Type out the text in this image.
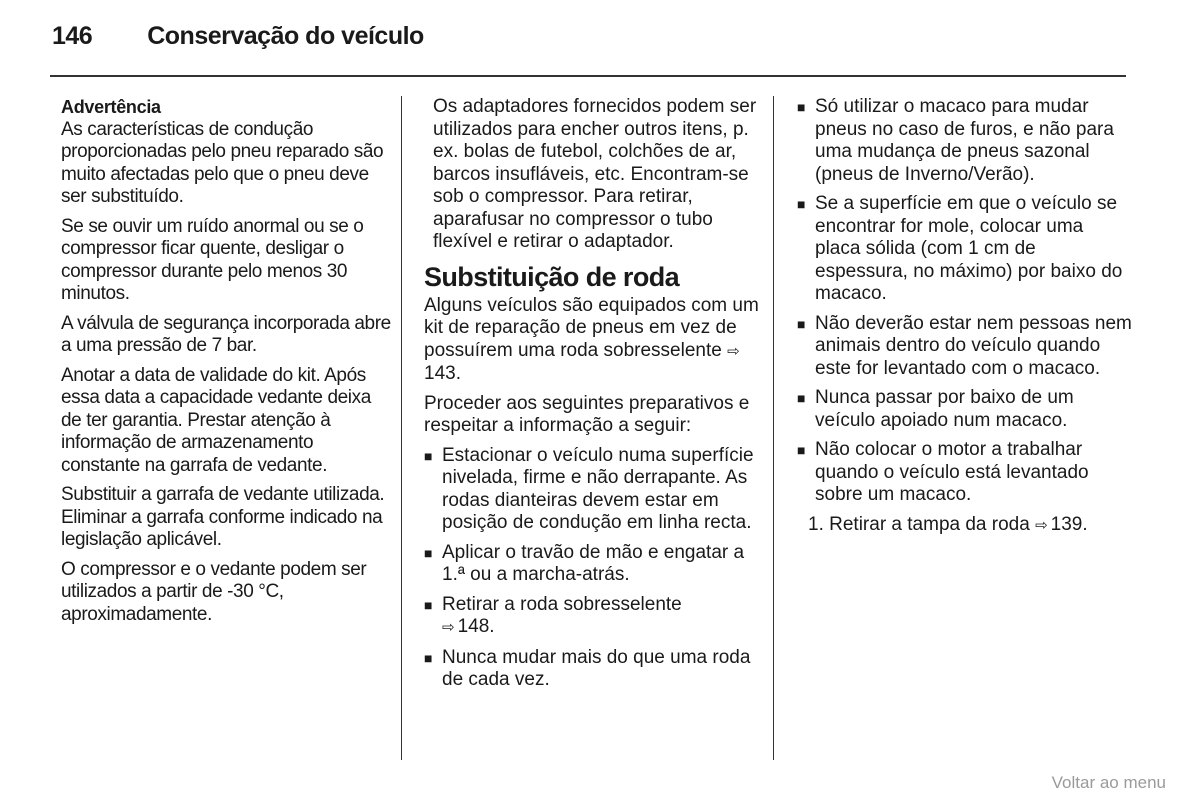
146 Conservação do veículo
Advertência
As características de condução proporcionadas pelo pneu reparado são muito afectadas pelo que o pneu deve ser substituído.

Se se ouvir um ruído anormal ou se o compressor ficar quente, desligar o compressor durante pelo menos 30 minutos.

A válvula de segurança incorporada abre a uma pressão de 7 bar.

Anotar a data de validade do kit. Após essa data a capacidade vedante deixa de ter garantia. Prestar atenção à informação de armazenamento constante na garrafa de vedante.

Substituir a garrafa de vedante utilizada. Eliminar a garrafa conforme indicado na legislação aplicável.

O compressor e o vedante podem ser utilizados a partir de -30 °C, aproximadamente.

Os adaptadores fornecidos podem ser utilizados para encher outros itens, p. ex. bolas de futebol, colchões de ar, barcos insufláveis, etc. Encontram-se sob o compressor. Para retirar, aparafusar no compressor o tubo flexível e retirar o adaptador.

Substituição de roda

Alguns veículos são equipados com um kit de reparação de pneus em vez de possuírem uma roda sobresselente ⇨143.

Proceder aos seguintes preparativos e respeitar a informação a seguir:

■ Estacionar o veículo numa superfície nivelada, firme e não derrapante. As rodas dianteiras devem estar em posição de condução em linha recta.
■ Aplicar o travão de mão e engatar a 1.ª ou a marcha-atrás.
■ Retirar a roda sobresselente
⇨ 148.
■ Nunca mudar mais do que uma roda de cada vez.
■ Só utilizar o macaco para mudar pneus no caso de furos, e não para uma mudança de pneus sazonal (pneus de Inverno/Verão).
■ Se a superfície em que o veículo se encontrar for mole, colocar uma placa sólida (com 1 cm de espessura, no máximo) por baixo do macaco.
■ Não deverão estar nem pessoas nem animais dentro do veículo quando este for levantado com o macaco.
■ Nunca passar por baixo de um veículo apoiado num macaco.
■ Não colocar o motor a trabalhar quando o veículo está levantado sobre um macaco.
1. Retirar a tampa da roda ⇨ 139.
Voltar ao menu
